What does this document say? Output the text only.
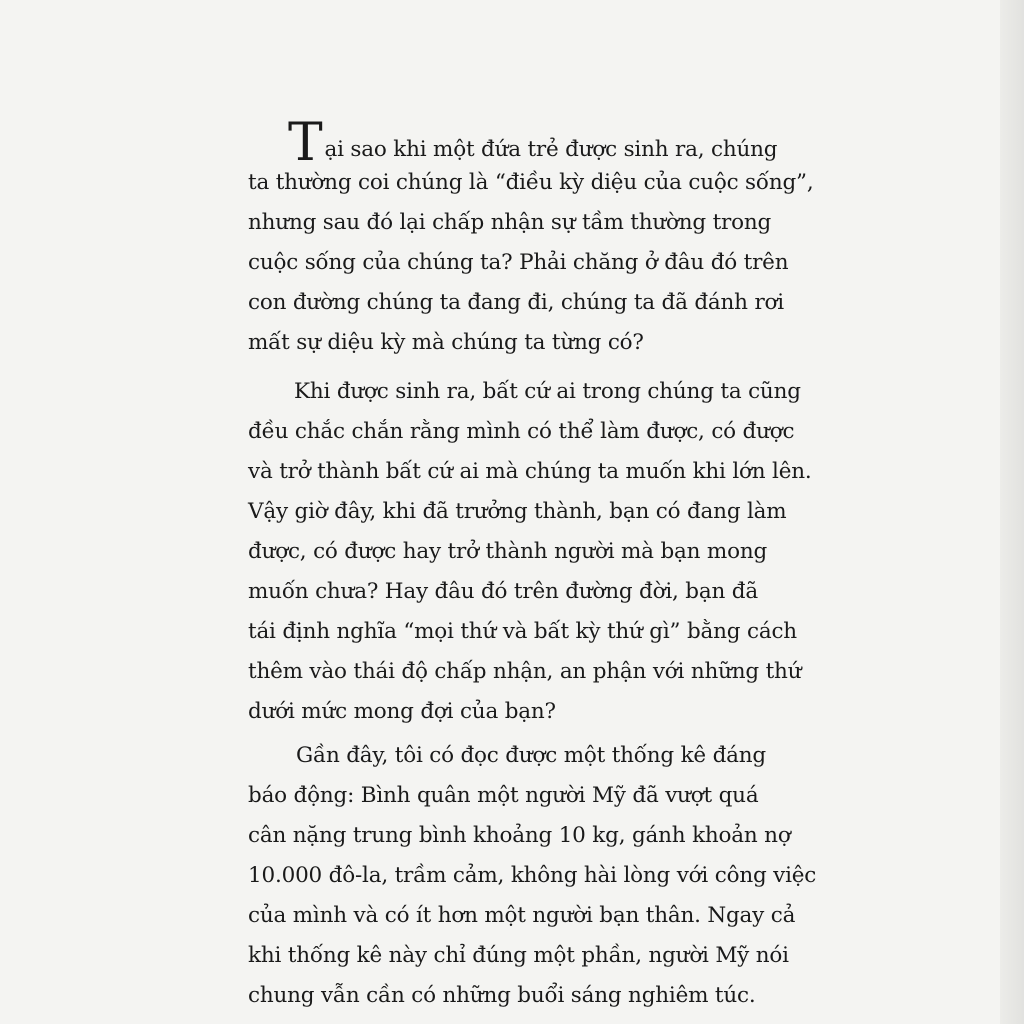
Tại sao khi một đứa trẻ được sinh ra, chúng
ta thường coi chúng là “điều kỳ diệu của cuộc sống”,
nhưng sau đó lại chấp nhận sự tầm thường trong
cuộc sống của chúng ta? Phải chăng ở đâu đó trên
con đường chúng ta đang đi, chúng ta đã đánh rơi
mất sự diệu kỳ mà chúng ta từng có?

Khi được sinh ra, bất cứ ai trong chúng ta cũng
đều chắc chắn rằng mình có thể làm được, có được
và trở thành bất cứ ai mà chúng ta muốn khi lớn lên.
Vậy giờ đây, khi đã trưởng thành, bạn có đang làm
được, có được hay trở thành người mà bạn mong
muốn chưa? Hay đâu đó trên đường đời, bạn đã
tái định nghĩa “mọi thứ và bất kỳ thứ gì” bằng cách
thêm vào thái độ chấp nhận, an phận với những thứ
dưới mức mong đợi của bạn?

Gần đây, tôi có đọc được một thống kê đáng
báo động: Bình quân một người Mỹ đã vượt quá
cân nặng trung bình khoảng 10 kg, gánh khoản nợ
10.000 đô-la, trầm cảm, không hài lòng với công việc
của mình và có ít hơn một người bạn thân. Ngay cả
khi thống kê này chỉ đúng một phần, người Mỹ nói
chung vẫn cần có những buổi sáng nghiêm túc.
